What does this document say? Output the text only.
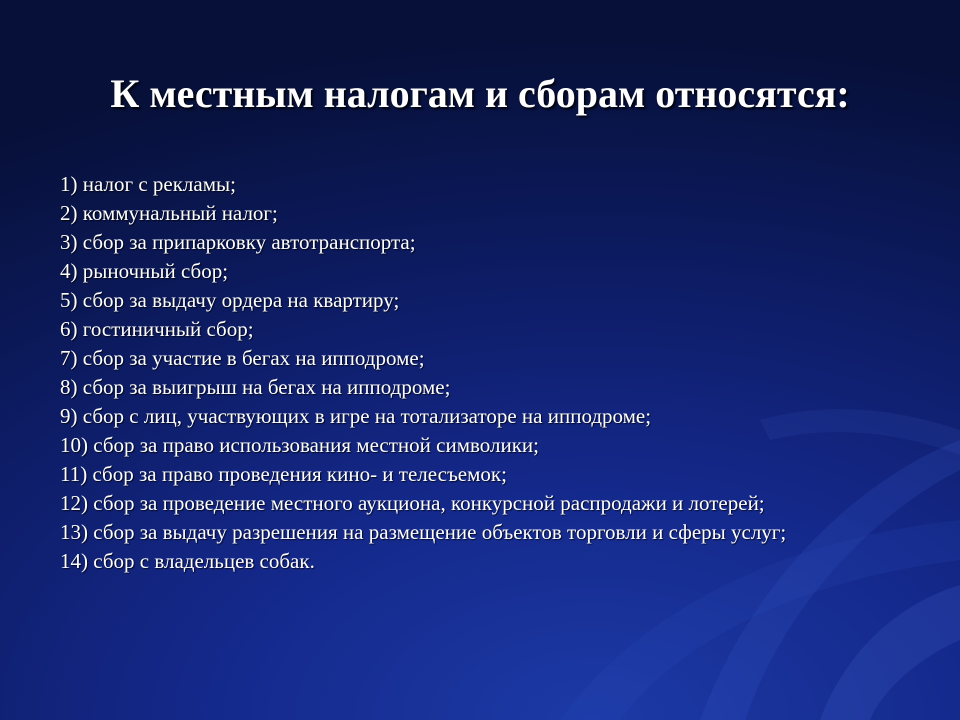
К местным налогам и сборам относятся:
1) налог с рекламы;
2) коммунальный налог;
3) сбор за припарковку автотранспорта;
4) рыночный сбор;
5) сбор за выдачу ордера на квартиру;
6) гостиничный сбор;
7) сбор за участие в бегах на ипподроме;
8) сбор за выигрыш на бегах на ипподроме;
9) сбор с лиц, участвующих в игре на тотализаторе на ипподроме;
10) сбор за право использования местной символики;
11) сбор за право проведения кино- и телесъемок;
12) сбор за проведение местного аукциона, конкурсной распродажи и лотерей;
13) сбор за выдачу разрешения на размещение объектов торговли и сферы услуг;
14) сбор с владельцев собак.
